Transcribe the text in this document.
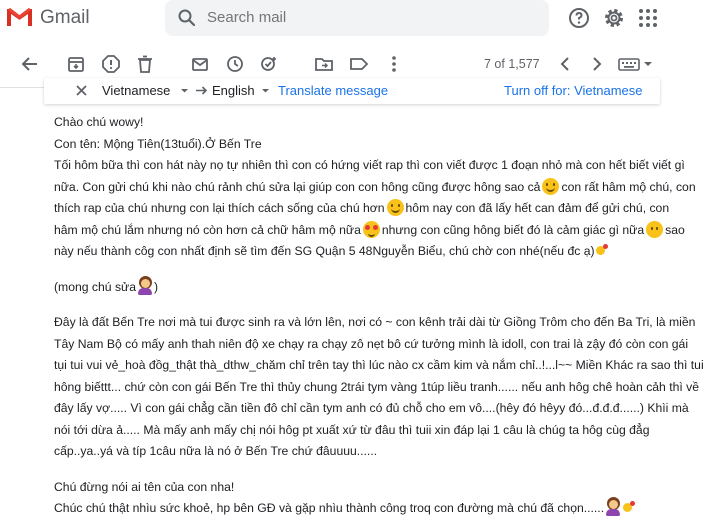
Gmail
Search mail
7 of 1,577
Vietnamese	English Translate message	Turn off for: Vietnamese
Chào chú wowy!
Con tên: Mộng Tiên(13tuổi).Ở Bến Tre
Tối hôm bữa thì con hát này nọ tự nhiên thì con có hứng viết rap thì con viết được 1 đoạn nhỏ mà con hết biết viết gì
nữa. Con gửi chú khi nào chú rảnh chú sửa lại giúp con con hông cũng được hông sao cả con rất hâm mộ chú, con
thích rap của chú nhưng con lại thích cách sống của chú hơn hôm nay con đã lấy hết can đảm để gửi chú, con
hâm mộ chú lắm nhưng nó còn hơn cả chữ hâm mộ nữa nhưng con cũng hông biết đó là cảm giác gì nữa sao
này nếu thành côg con nhất định sẽ tìm đến SG Quận 5 48Nguyễn Biểu, chú chờ con nhé(nếu đc ạ)
(mong chú sửa )
Đây là đất Bến Tre nơi mà tui được sinh ra và lớn lên, nơi có ~ con kênh trải dài từ Giồng Trôm cho đến Ba Tri, là miền
Tây Nam Bộ có mấy anh thah niên độ xe chạy ra chạy zô nẹt bô cứ tưởng mình là idoll, con trai là zậy đó còn con gái
tụi tui vui vẻ_hoà đồg_thật thà_dthw_chăm chỉ trên tay thì lúc nào cx cầm kim và nắm chỉ..!...l~~ Miền Khác ra sao thì tui
hông biếttt... chứ còn con gái Bến Tre thì thủy chung 2trái tym vàng 1túp liều tranh...... nếu anh hôg chê hoàn cảh thì về
đây lấy vợ..... Vì con gái chẳg cần tiền đô chỉ cần tym anh có đủ chỗ cho em vô....(hêy đó hêyy đó...đ.đ.đ......) Khìi mà
nói tới dừa ả..... Mà mấy anh mấy chị nói hôg pt xuất xứ từ đâu thì tuii xin đáp lại 1 câu là chúg ta hôg cùg đẳg
cấp..ya..yá và típ 1câu nữa là nó ở Bến Tre chứ đâuuuu......
Chú đừng nói ai tên của con nha!
Chúc chú thật nhìu sức khoẻ, hp bên GĐ và gặp nhìu thành công troq con đường mà chú đã chọn......
